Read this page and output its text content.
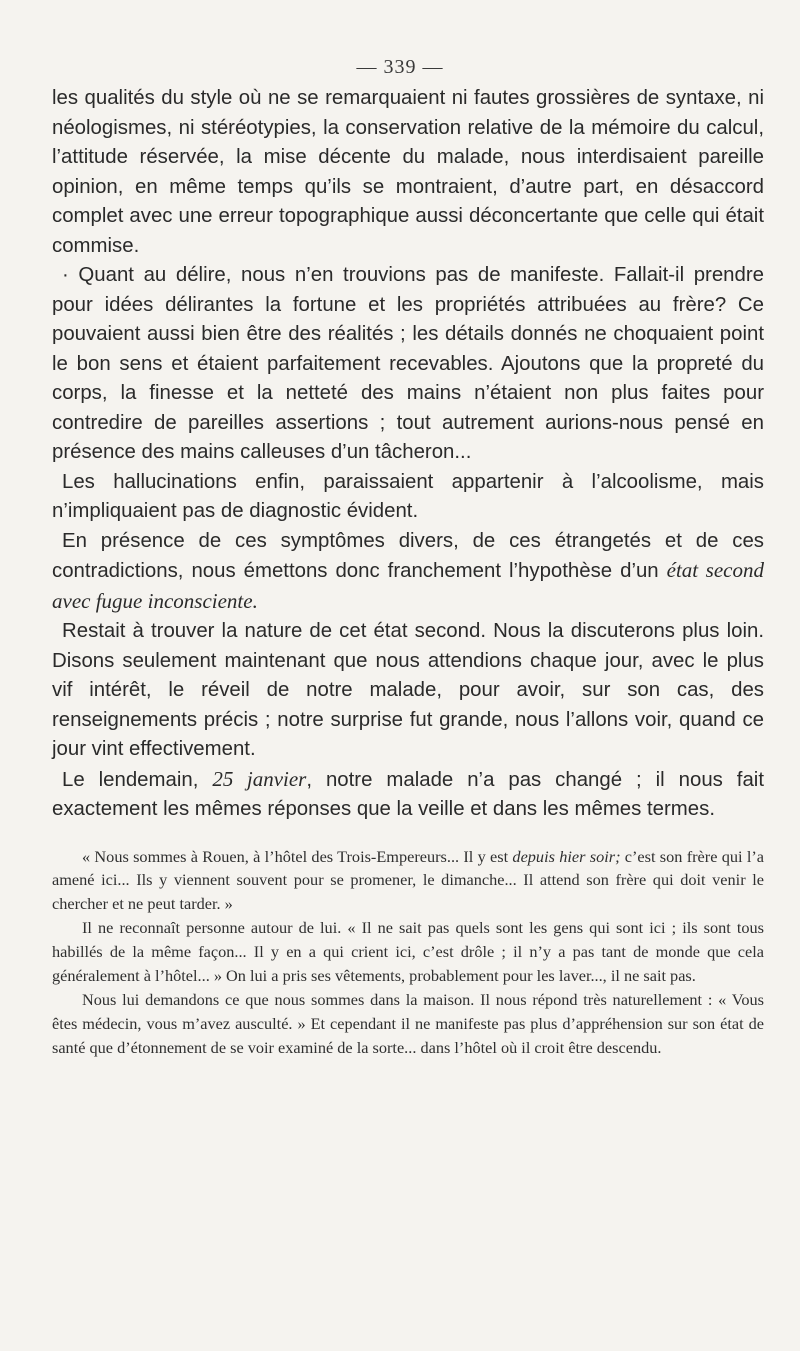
— 339 —

les qualités du style où ne se remarquaient ni fautes grossières de syntaxe, ni néologismes, ni stéréotypies, la conservation relative de la mémoire du calcul, l’attitude réservée, la mise décente du malade, nous interdisaient pareille opinion, en même temps qu’ils se montraient, d’autre part, en désaccord complet avec une erreur topographique aussi déconcertante que celle qui était commise.

· Quant au délire, nous n’en trouvions pas de manifeste. Fallait-il prendre pour idées délirantes la fortune et les propriétés attribuées au frère? Ce pouvaient aussi bien être des réalités ; les détails donnés ne choquaient point le bon sens et étaient parfaitement recevables. Ajoutons que la propreté du corps, la finesse et la netteté des mains n’étaient non plus faites pour contredire de pareilles assertions ; tout autrement aurions-nous pensé en présence des mains calleuses d’un tâcheron...

Les hallucinations enfin, paraissaient appartenir à l’alcoolisme, mais n’impliquaient pas de diagnostic évident.

En présence de ces symptômes divers, de ces étrangetés et de ces contradictions, nous émettons donc franchement l’hypothèse d’un état second avec fugue inconsciente.

Restait à trouver la nature de cet état second. Nous la discuterons plus loin. Disons seulement maintenant que nous attendions chaque jour, avec le plus vif intérêt, le réveil de notre malade, pour avoir, sur son cas, des renseignements précis ; notre surprise fut grande, nous l’allons voir, quand ce jour vint effectivement.

Le lendemain, 25 janvier, notre malade n’a pas changé ; il nous fait exactement les mêmes réponses que la veille et dans les mêmes termes.

« Nous sommes à Rouen, à l’hôtel des Trois-Empereurs... Il y est depuis hier soir; c’est son frère qui l’a amené ici... Ils y viennent souvent pour se promener, le dimanche... Il attend son frère qui doit venir le chercher et ne peut tarder. »

Il ne reconnaît personne autour de lui. « Il ne sait pas quels sont les gens qui sont ici ; ils sont tous habillés de la même façon... Il y en a qui crient ici, c’est drôle ; il n’y a pas tant de monde que cela généralement à l’hôtel... » On lui a pris ses vêtements, probablement pour les laver..., il ne sait pas.

Nous lui demandons ce que nous sommes dans la maison. Il nous répond très naturellement : « Vous êtes médecin, vous m’avez ausculté. » Et cependant il ne manifeste pas plus d’appréhension sur son état de santé que d’étonnement de se voir examiné de la sorte... dans l’hôtel où il croit être descendu.
